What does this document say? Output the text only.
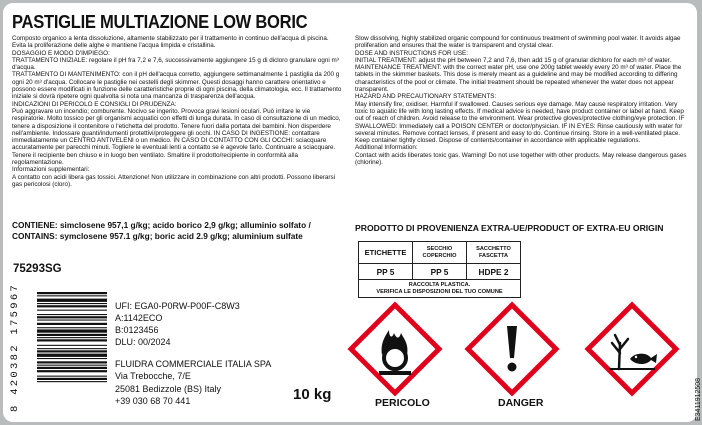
PASTIGLIE MULTIAZIONE LOW BORIC

Composto organico a lenta dissoluzione, altamente stabilizzato per il trattamento in continuo dell'acqua di piscina. Evita la proliferazione delle alghe e mantiene l'acqua limpida e cristallina.

DOSAGGIO E MODO D'IMPIEGO:

TRATTAMENTO INIZIALE: regolare il pH fra 7,2 e 7,6, successivamente aggiungere 15 g di dicloro granulare ogni m³ d'acqua.

TRATTAMENTO DI MANTENIMENTO: con il pH dell'acqua corretto, aggiungere settimanalmente 1 pastiglia da 200 g ogni 20 m³ d'acqua. Collocare le pastiglie nei cestelli degli skimmer. Questi dosaggi hanno carattere orientativo e possono essere modificati in funzione delle caratteristiche proprie di ogni piscina, della climatologia, ecc. Il trattamento iniziale si dovrà ripetere ogni qualvolta si nota una mancanza di trasparenza dell'acqua.

INDICAZIONI DI PERICOLO E CONSIGLI DI PRUDENZA:

Può aggravare un incendio; comburente. Nocivo se ingerito. Provoca gravi lesioni oculari. Può irritare le vie respiratorie. Molto tossico per gli organismi acquatici con effetti di lunga durata. In caso di consultazione di un medico, tenere a disposizione il contenitore o l'etichetta del prodotto. Tenere fuori dalla portata dei bambini. Non disperdere nell'ambiente. Indossare guanti/indumenti protettivi/proteggere gli occhi. IN CASO DI INGESTIONE: contattare immediatamente un CENTRO ANTIVELENI o un medico. IN CASO DI CONTATTO CON GLI OCCHI: sciacquare accuratamente per parecchi minuti. Togliere le eventuali lenti a contatto se è agevole farlo. Continuare a sciacquare. Tenere il recipiente ben chiuso e in luogo ben ventilato. Smaltire il prodotto/recipiente in conformità alla regolamentazione.

Informazioni supplementari:

A contatto con acidi libera gas tossici. Attenzione! Non utilizzare in combinazione con altri prodotti. Possono liberarsi gas pericolosi (cloro).

Slow dissolving, highly stabilized organic compound for continuous treatment of swimming pool water. It avoids algae proliferation and ensures that the water is transparent and crystal clear.

DOSE AND INSTRUCTIONS FOR USE:

INITIAL TREATMENT: adjust the pH between 7,2 and 7,6, then add 15 g of granular dichloro for each m³ of water.

MAINTENANCE TREATMENT: with the correct water pH, use one 200g tablet weekly every 20 m³ of water. Place the tablets in the skimmer baskets. This dose is merely meant as a guideline and may be modified according to differing characteristics of the pool or climate. The initial treatment should be repeated whenever the water does not appear transparent.

HAZARD AND PRECAUTIONARY STATEMENTS:

May intensify fire; oxidiser. Harmful if swallowed. Causes serious eye damage. May cause respiratory irritation. Very toxic to aquatic life with long lasting effects. If medical advice is needed, have product container or label at hand. Keep out of reach of children. Avoid release to the environment. Wear protective gloves/protective clothing/eye protection. IF SWALLOWED: Immediately call a POISON CENTER or doctor/physician. IF IN EYES: Rinse cautiously with water for several minutes. Remove contact lenses, if present and easy to do. Continue rinsing. Store in a well-ventilated place. Keep container tightly closed. Dispose of contents/container in accordance with applicable regulations.

Additional Information:

Contact with acids liberates toxic gas. Warning! Do not use together with other products. May release dangerous gases (chlorine).

CONTIENE: simclosene 957,1 g/kg; acido borico 2,9 g/kg; alluminio solfato /
CONTAINS: symclosene 957.1 g/kg; boric acid 2.9 g/kg; aluminium sulfate
75293SG
PRODOTTO DI PROVENIENZA EXTRA-UE/PRODUCT OF EXTRA-EU ORIGIN
ETICHETTE	SECCHIO COPERCHIO	SACCHETTO FASCETTA
PP 5	PP 5	HDPE 2

RACCOLTA PLASTICA.
VERIFICA LE DISPOSIZIONI DEL TUO COMUNE		
8 420382 175967	UFI: EGA0-P0RW-P00F-C8W3
A:1142ECO
B:0123456
DLU: 00/2024
FLUIDRA COMMERCIALE ITALIA SPA
Via Trebocche, 7/E
25081 Bedizzole (BS) Italy
+39 030 68 70 441	10 kg	PERICOLO	DANGER	E3411912508
